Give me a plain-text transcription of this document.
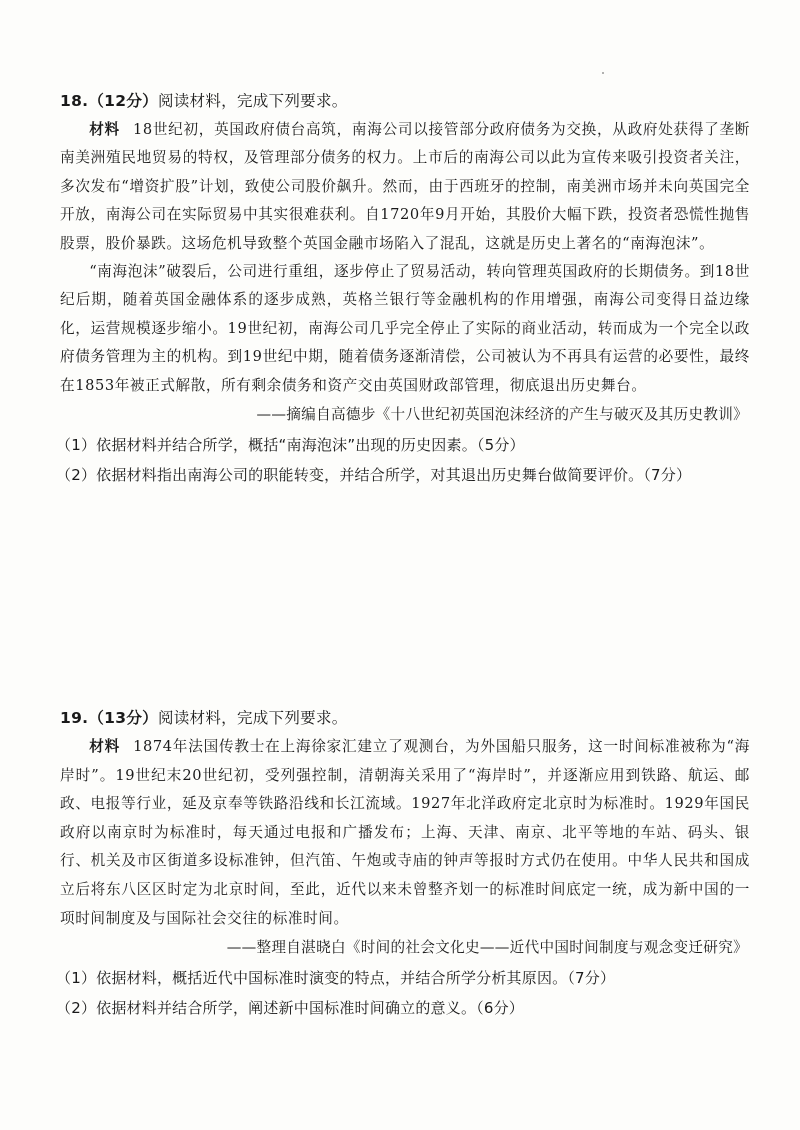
18.（12分）阅读材料，完成下列要求。

材料 18世纪初，英国政府债台高筑，南海公司以接管部分政府债务为交换，从政府处获得了垄断南美洲殖民地贸易的特权，及管理部分债务的权力。上市后的南海公司以此为宣传来吸引投资者关注，多次发布“增资扩股”计划，致使公司股价飙升。然而，由于西班牙的控制，南美洲市场并未向英国完全开放，南海公司在实际贸易中其实很难获利。自1720年9月开始，其股价大幅下跌，投资者恐慌性抛售股票，股价暴跌。这场危机导致整个英国金融市场陷入了混乱，这就是历史上著名的“南海泡沫”。

“南海泡沫”破裂后，公司进行重组，逐步停止了贸易活动，转向管理英国政府的长期债务。到18世纪后期，随着英国金融体系的逐步成熟，英格兰银行等金融机构的作用增强，南海公司变得日益边缘化，运营规模逐步缩小。19世纪初，南海公司几乎完全停止了实际的商业活动，转而成为一个完全以政府债务管理为主的机构。到19世纪中期，随着债务逐渐清偿，公司被认为不再具有运营的必要性，最终在1853年被正式解散，所有剩余债务和资产交由英国财政部管理，彻底退出历史舞台。

——摘编自高德步《十八世纪初英国泡沫经济的产生与破灭及其历史教训》
（1）依据材料并结合所学，概括“南海泡沫”出现的历史因素。（5分）
（2）依据材料指出南海公司的职能转变，并结合所学，对其退出历史舞台做简要评价。（7分）
19.（13分）阅读材料，完成下列要求。

材料 1874年法国传教士在上海徐家汇建立了观测台，为外国船只服务，这一时间标准被称为“海岸时”。19世纪末20世纪初，受列强控制，清朝海关采用了“海岸时”，并逐渐应用到铁路、航运、邮政、电报等行业，延及京奉等铁路沿线和长江流域。1927年北洋政府定北京时为标准时。1929年国民政府以南京时为标准时，每天通过电报和广播发布；上海、天津、南京、北平等地的车站、码头、银行、机关及市区街道多设标准钟，但汽笛、午炮或寺庙的钟声等报时方式仍在使用。中华人民共和国成立后将东八区区时定为北京时间，至此，近代以来未曾整齐划一的标准时间底定一统，成为新中国的一项时间制度及与国际社会交往的标准时间。

——整理自湛晓白《时间的社会文化史——近代中国时间制度与观念变迁研究》
（1）依据材料，概括近代中国标准时演变的特点，并结合所学分析其原因。（7分）
（2）依据材料并结合所学，阐述新中国标准时间确立的意义。（6分）
